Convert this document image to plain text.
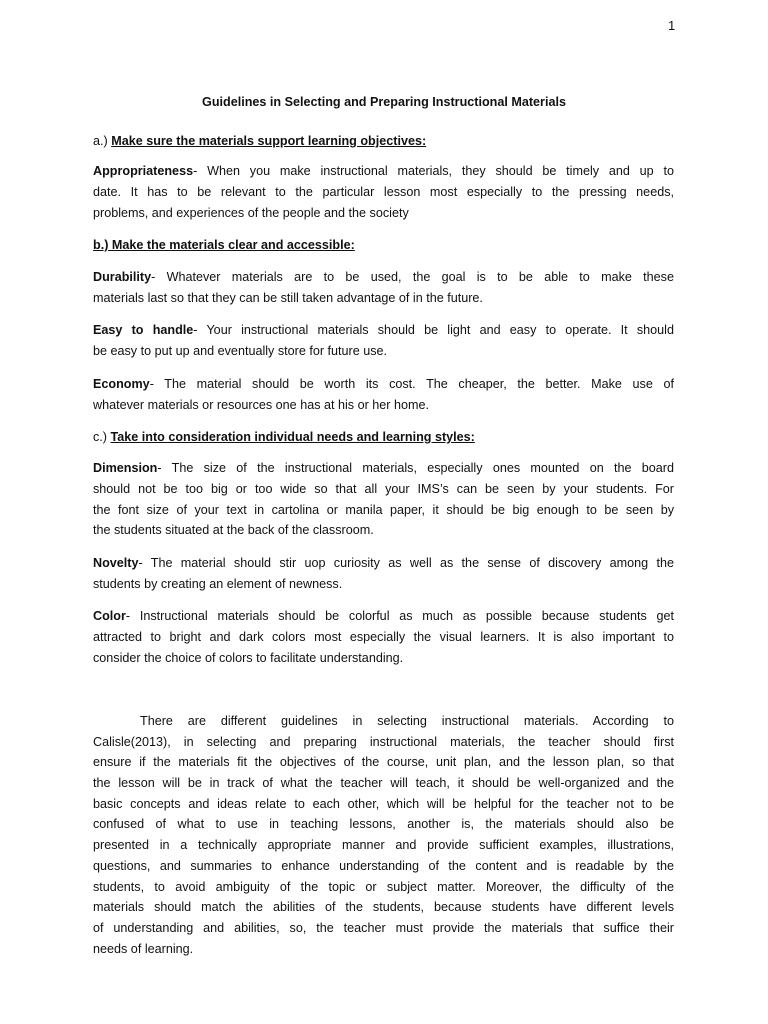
1
Guidelines in Selecting and Preparing Instructional Materials
a.) Make sure the materials support learning objectives:
Appropriateness- When you make instructional materials, they should be timely and up to
date. It has to be relevant to the particular lesson most especially to the pressing needs,
problems, and experiences of the people and the society
b.) Make the materials clear and accessible:
Durability- Whatever materials are to be used, the goal is to be able to make these
materials last so that they can be still taken advantage of in the future.
Easy to handle- Your instructional materials should be light and easy to operate. It should
be easy to put up and eventually store for future use.
Economy- The material should be worth its cost. The cheaper, the better. Make use of
whatever materials or resources one has at his or her home.
c.) Take into consideration individual needs and learning styles:
Dimension- The size of the instructional materials, especially ones mounted on the board
should not be too big or too wide so that all your IMS’s can be seen by your students. For
the font size of your text in cartolina or manila paper, it should be big enough to be seen by
the students situated at the back of the classroom.
Novelty- The material should stir uop curiosity as well as the sense of discovery among the
students by creating an element of newness.
Color- Instructional materials should be colorful as much as possible because students get
attracted to bright and dark colors most especially the visual learners. It is also important to
consider the choice of colors to facilitate understanding.
There are different guidelines in selecting instructional materials. According to
Calisle(2013), in selecting and preparing instructional materials, the teacher should first
ensure if the materials fit the objectives of the course, unit plan, and the lesson plan, so that
the lesson will be in track of what the teacher will teach, it should be well-organized and the
basic concepts and ideas relate to each other, which will be helpful for the teacher not to be
confused of what to use in teaching lessons, another is, the materials should also be
presented in a technically appropriate manner and provide sufficient examples, illustrations,
questions, and summaries to enhance understanding of the content and is readable by the
students, to avoid ambiguity of the topic or subject matter. Moreover, the difficulty of the
materials should match the abilities of the students, because students have different levels
of understanding and abilities, so, the teacher must provide the materials that suffice their
needs of learning.
